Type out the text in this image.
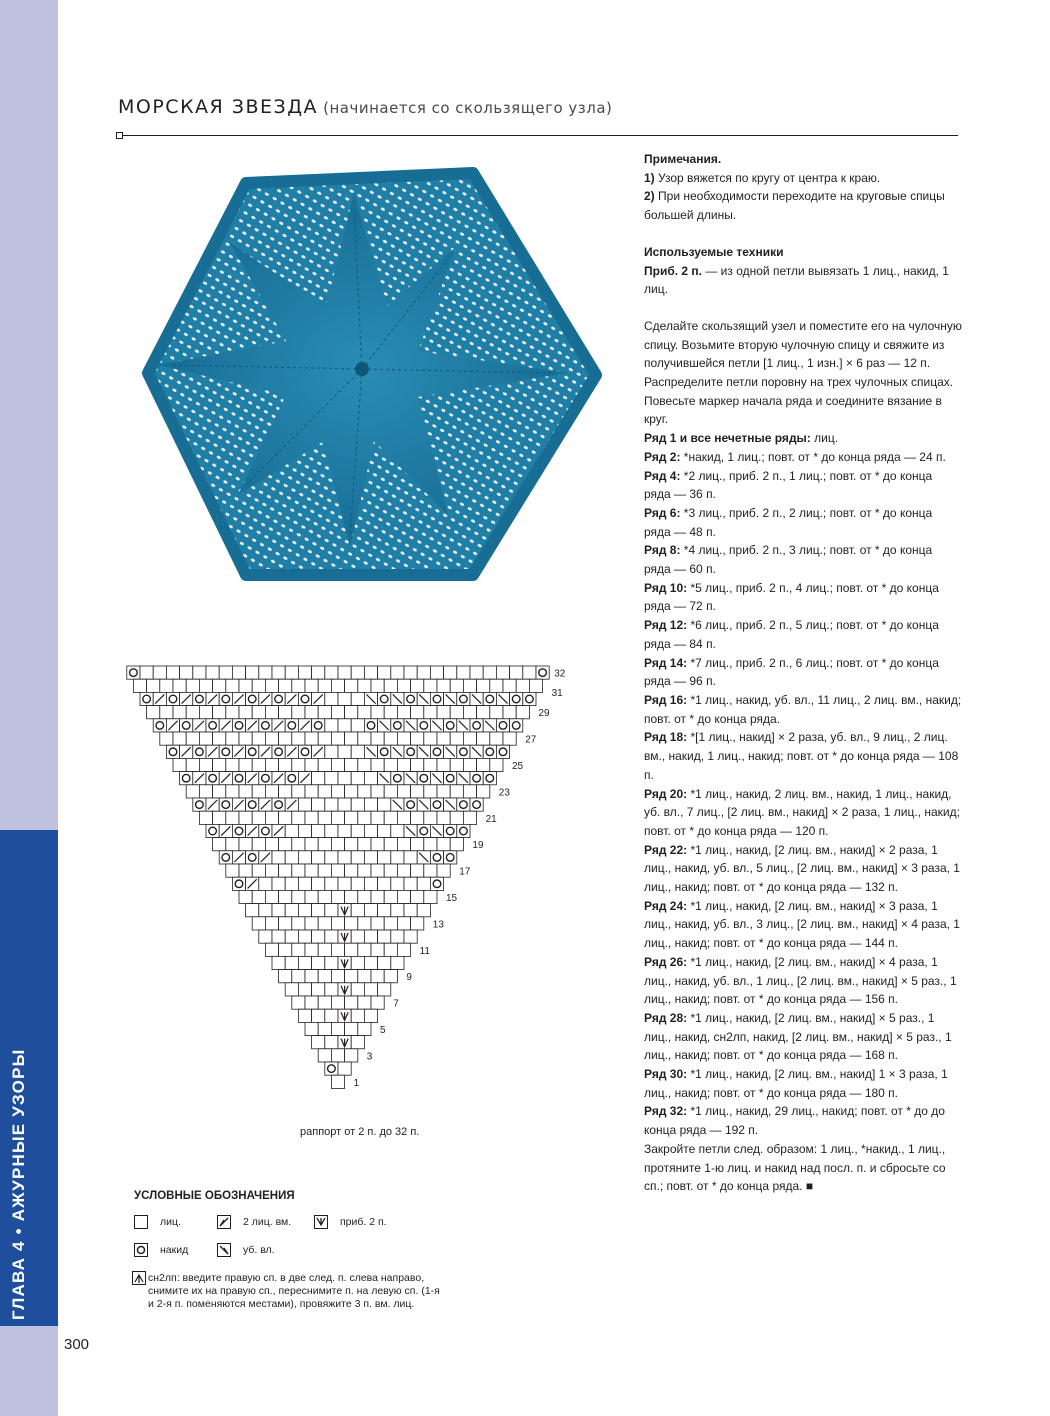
ГЛАВА 4 • АЖУРНЫЕ УЗОРЫ
300
МОРСКАЯ ЗВЕЗДА (начинается со скользящего узла)
1
3
5
7
9
11
13
15
17
19
21
23
25
27
29
31
32
раппорт от 2 п. до 32 п.
УСЛОВНЫЕ ОБОЗНАЧЕНИЯ
лиц.	2 лиц. вм.	приб. 2 п.
накид	уб. вл.
сн2лп: введите правую сп. в две след. п. слева направо, снимите их на правую сп., переснимите п. на левую сп. (1-я и 2-я п. поменяются местами), провяжите 3 п. вм. лиц.

Примечания.

1) Узор вяжется по кругу от центра к краю.

2) При необходимости переходите на круговые спицы большей длины.

Используемые техники

Приб. 2 п. — из одной петли вывязать 1 лиц., накид, 1 лиц.

Сделайте скользящий узел и поместите его на чулочную спицу. Возьмите вторую чулочную спицу и свяжите из получившейся петли [1 лиц., 1 изн.] × 6 раз — 12 п.

Распределите петли поровну на трех чулочных спицах. Повесьте маркер начала ряда и соедините вязание в круг.

Ряд 1 и все нечетные ряды: лиц.

Ряд 2: *накид, 1 лиц.; повт. от * до конца ряда — 24 п.

Ряд 4: *2 лиц., приб. 2 п., 1 лиц.; повт. от * до конца ряда — 36 п.

Ряд 6: *3 лиц., приб. 2 п., 2 лиц.; повт. от * до конца ряда — 48 п.

Ряд 8: *4 лиц., приб. 2 п., 3 лиц.; повт. от * до конца ряда — 60 п.

Ряд 10: *5 лиц., приб. 2 п., 4 лиц.; повт. от * до конца ряда — 72 п.

Ряд 12: *6 лиц., приб. 2 п., 5 лиц.; повт. от * до конца ряда — 84 п.

Ряд 14: *7 лиц., приб. 2 п., 6 лиц.; повт. от * до конца ряда — 96 п.

Ряд 16: *1 лиц., накид, уб. вл., 11 лиц., 2 лиц. вм., накид; повт. от * до конца ряда.

Ряд 18: *[1 лиц., накид] × 2 раза, уб. вл., 9 лиц., 2 лиц. вм., накид, 1 лиц., накид; повт. от * до конца ряда — 108 п.

Ряд 20: *1 лиц., накид, 2 лиц. вм., накид, 1 лиц., накид, уб. вл., 7 лиц., [2 лиц. вм., накид] × 2 раза, 1 лиц., накид; повт. от * до конца ряда — 120 п.

Ряд 22: *1 лиц., накид, [2 лиц. вм., накид] × 2 раза, 1 лиц., накид, уб. вл., 5 лиц., [2 лиц. вм., накид] × 3 раза, 1 лиц., накид; повт. от * до конца ряда — 132 п.

Ряд 24: *1 лиц., накид, [2 лиц. вм., накид] × 3 раза, 1 лиц., накид, уб. вл., 3 лиц., [2 лиц. вм., накид] × 4 раза, 1 лиц., накид; повт. от * до конца ряда — 144 п.

Ряд 26: *1 лиц., накид, [2 лиц. вм., накид] × 4 раза, 1 лиц., накид, уб. вл., 1 лиц., [2 лиц. вм., накид] × 5 раз., 1 лиц., накид; повт. от * до конца ряда — 156 п.

Ряд 28: *1 лиц., накид, [2 лиц. вм., накид] × 5 раз., 1 лиц., накид, сн2лп, накид, [2 лиц. вм., накид] × 5 раз., 1 лиц., накид; повт. от * до конца ряда — 168 п.

Ряд 30: *1 лиц., накид, [2 лиц. вм., накид] 1 × 3 раза, 1 лиц., накид; повт. от * до конца ряда — 180 п.

Ряд 32: *1 лиц., накид, 29 лиц., накид; повт. от * до до конца ряда — 192 п.

Закройте петли след. образом: 1 лиц., *накид., 1 лиц., протяните 1-ю лиц. и накид над посл. п. и сбросьте со сп.; повт. от * до конца ряда. ■
